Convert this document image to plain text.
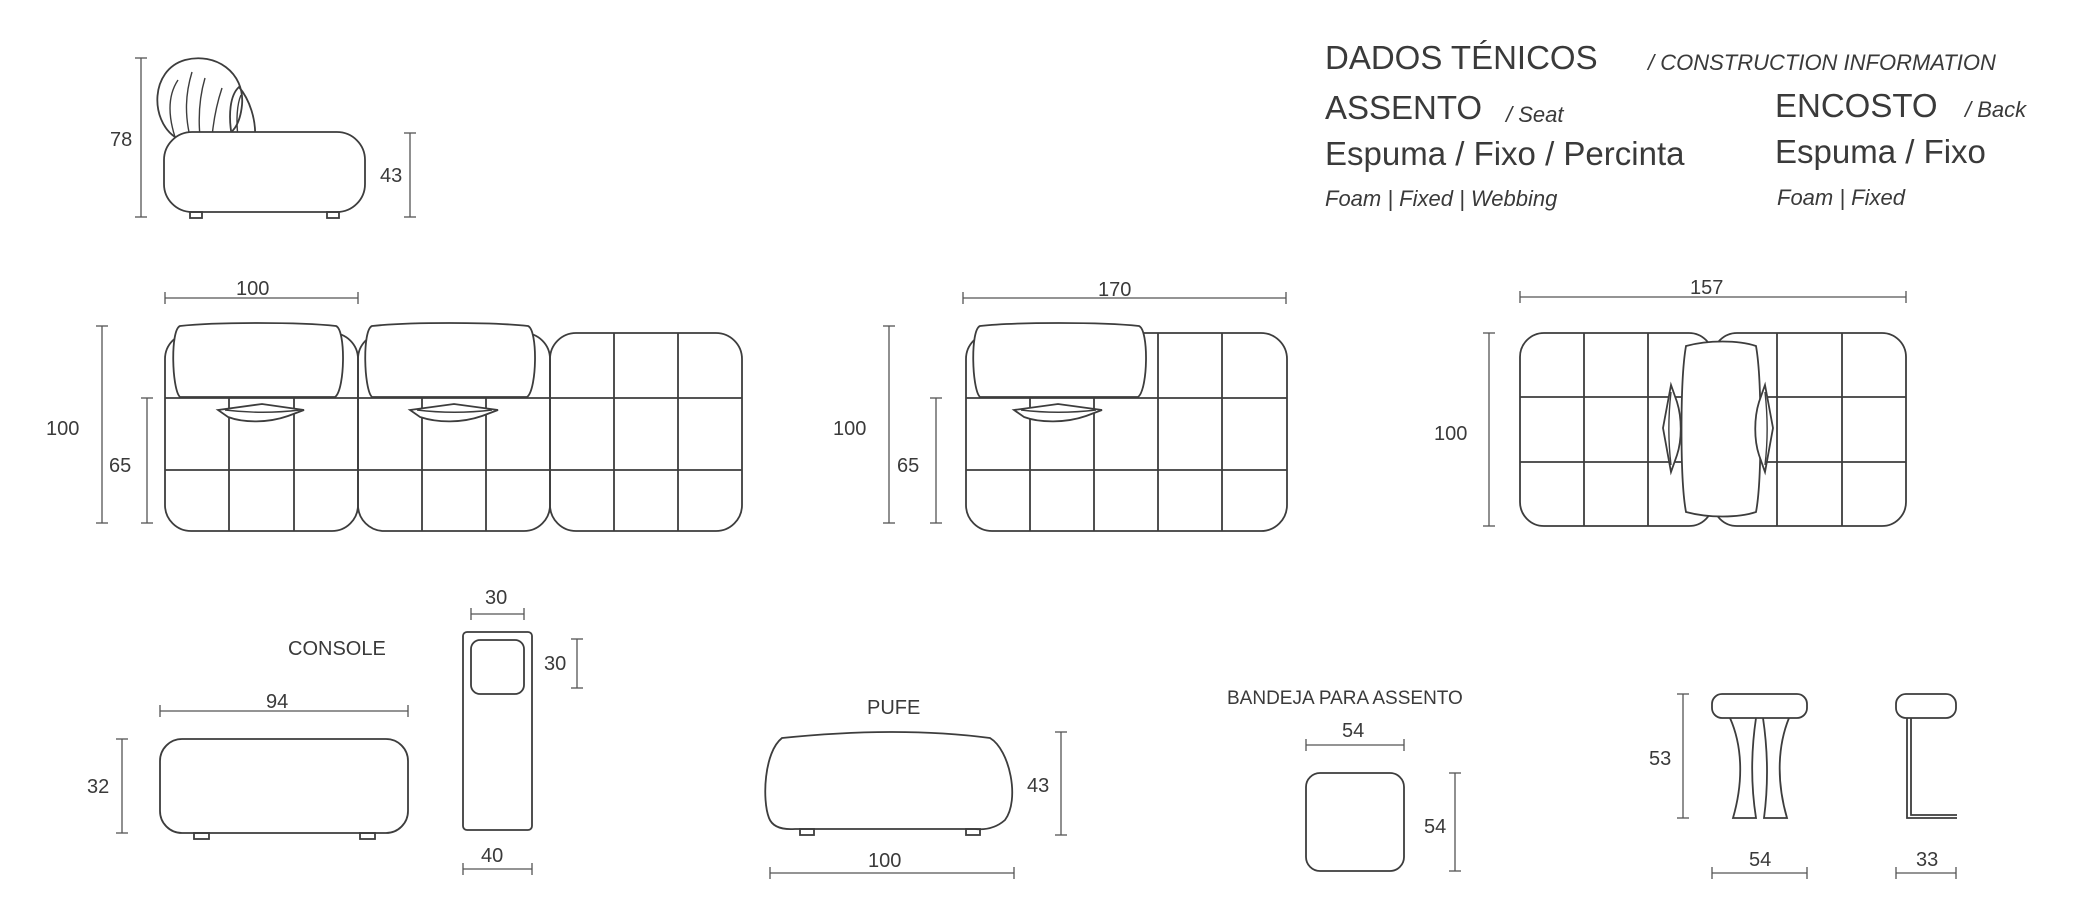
DADOS TÉNICOS / CONSTRUCTION INFORMATION
ASSENTO / Seat
Espuma / Fixo / Percinta
Foam | Fixed | Webbing
ENCOSTO / Back
Espuma / Fixo
Foam | Fixed
78
43
100
100
65
170
100
65
157
100
CONSOLE
94
32
30
30
40
PUFE
43
100
BANDEJA PARA ASSENTO
54
54
53
54	33
